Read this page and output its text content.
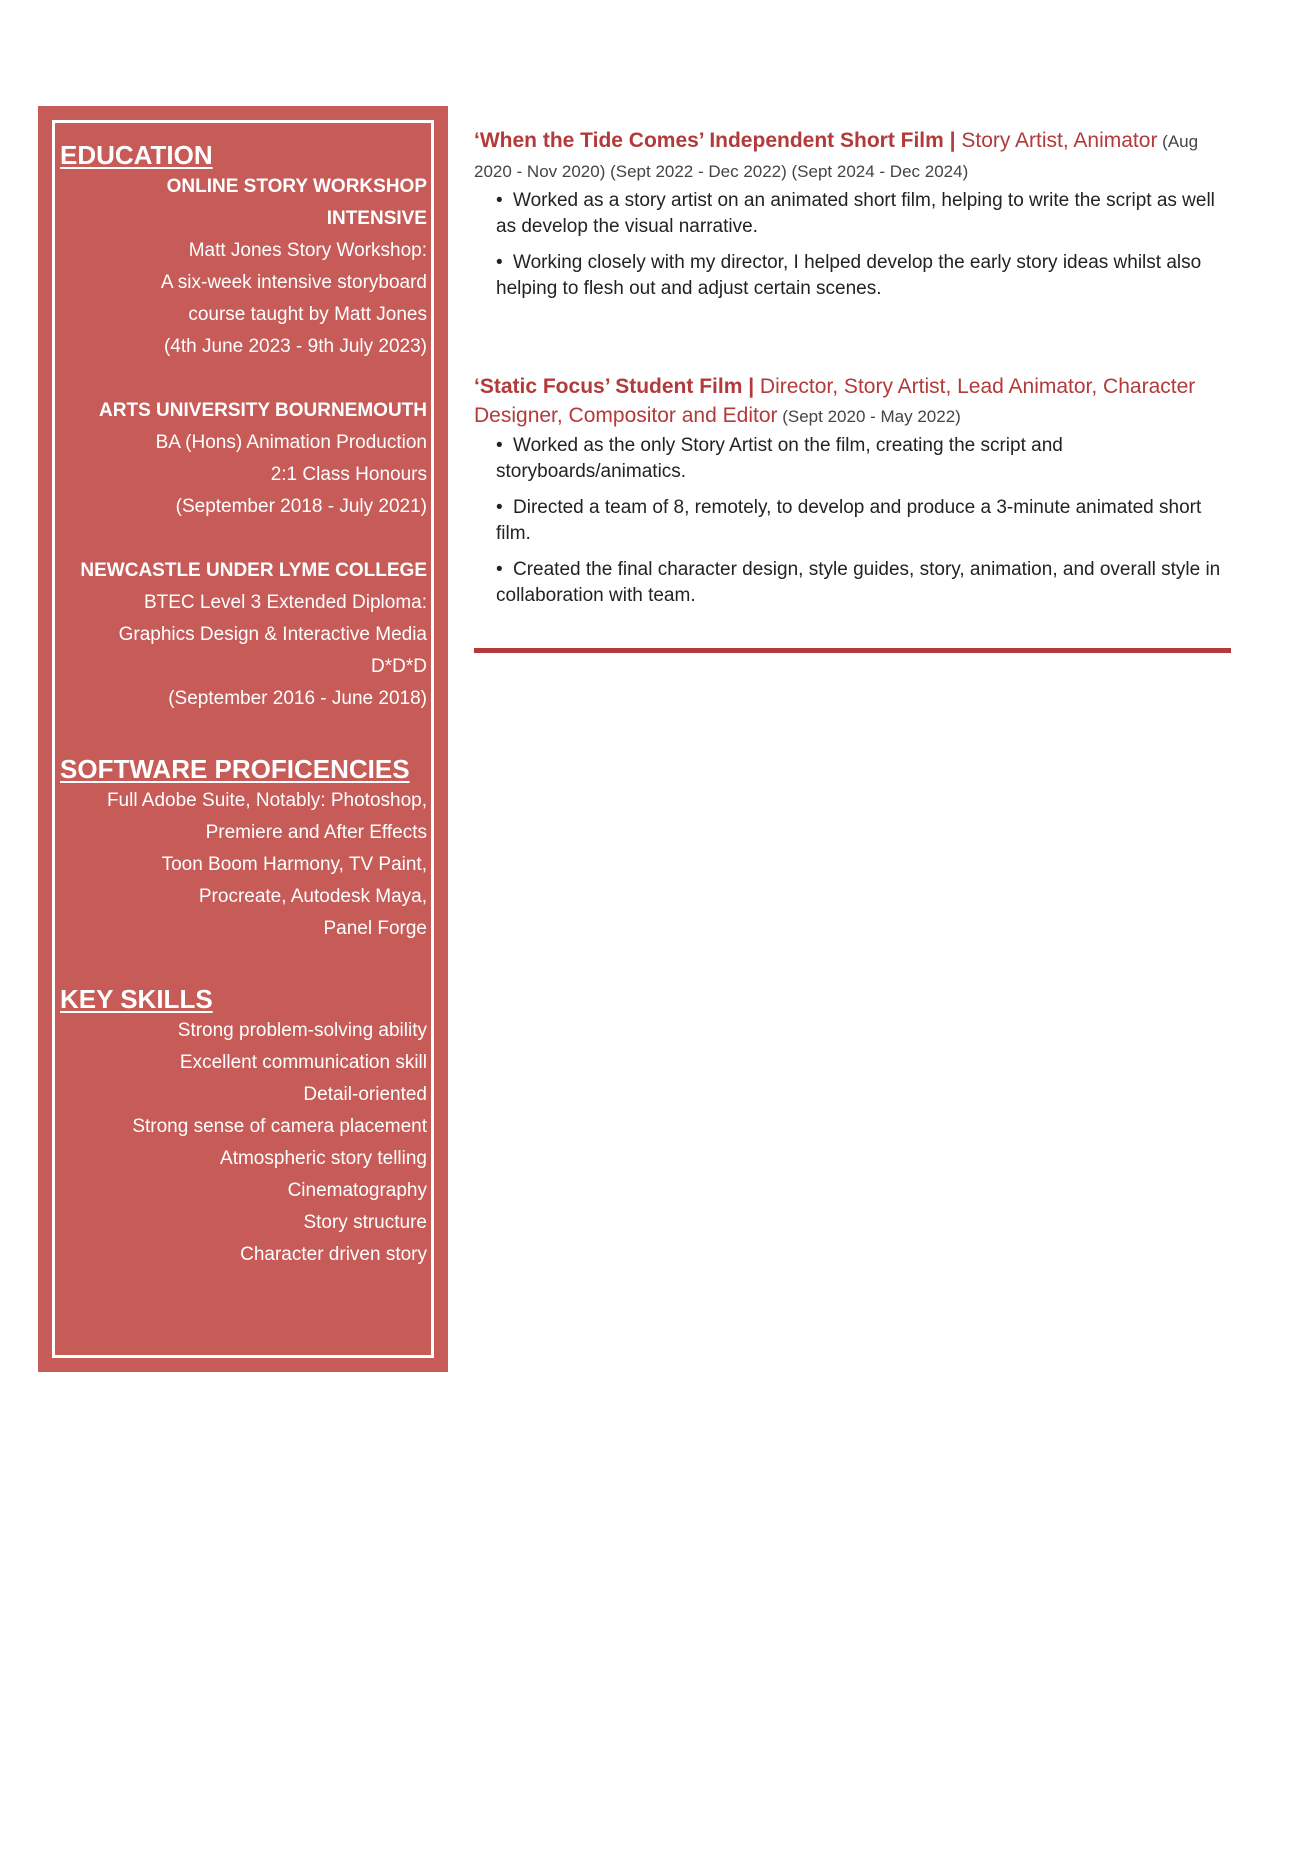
EDUCATION
ONLINE STORY WORKSHOP
INTENSIVE
Matt Jones Story Workshop:
A six-week intensive storyboard
course taught by Matt Jones
(4th June 2023 - 9th July 2023)
ARTS UNIVERSITY BOURNEMOUTH
BA (Hons) Animation Production
2:1 Class Honours
(September 2018 - July 2021)
NEWCASTLE UNDER LYME COLLEGE
BTEC Level 3 Extended Diploma:
Graphics Design & Interactive Media
D*D*D
(September 2016 - June 2018)
SOFTWARE PROFICENCIES
Full Adobe Suite, Notably: Photoshop,
Premiere and After Effects
Toon Boom Harmony, TV Paint,
Procreate, Autodesk Maya,
Panel Forge
KEY SKILLS
Strong problem-solving ability
Excellent communication skill
Detail-oriented
Strong sense of camera placement
Atmospheric story telling
Cinematography
Story structure
Character driven story
‘When the Tide Comes’ Independent Short Film | Story Artist, Animator (Aug 2020 - Nov 2020) (Sept 2022 - Dec 2022) (Sept 2024 - Dec 2024)
• Worked as a story artist on an animated short film, helping to write the script as well as develop the visual narrative.
• Working closely with my director, I helped develop the early story ideas whilst also helping to flesh out and adjust certain scenes.
‘Static Focus’ Student Film | Director, Story Artist, Lead Animator, Character Designer, Compositor and Editor (Sept 2020 - May 2022)
• Worked as the only Story Artist on the film, creating the script and storyboards/animatics.
• Directed a team of 8, remotely, to develop and produce a 3-minute animated short film.
• Created the final character design, style guides, story, animation, and overall style in collaboration with team.
